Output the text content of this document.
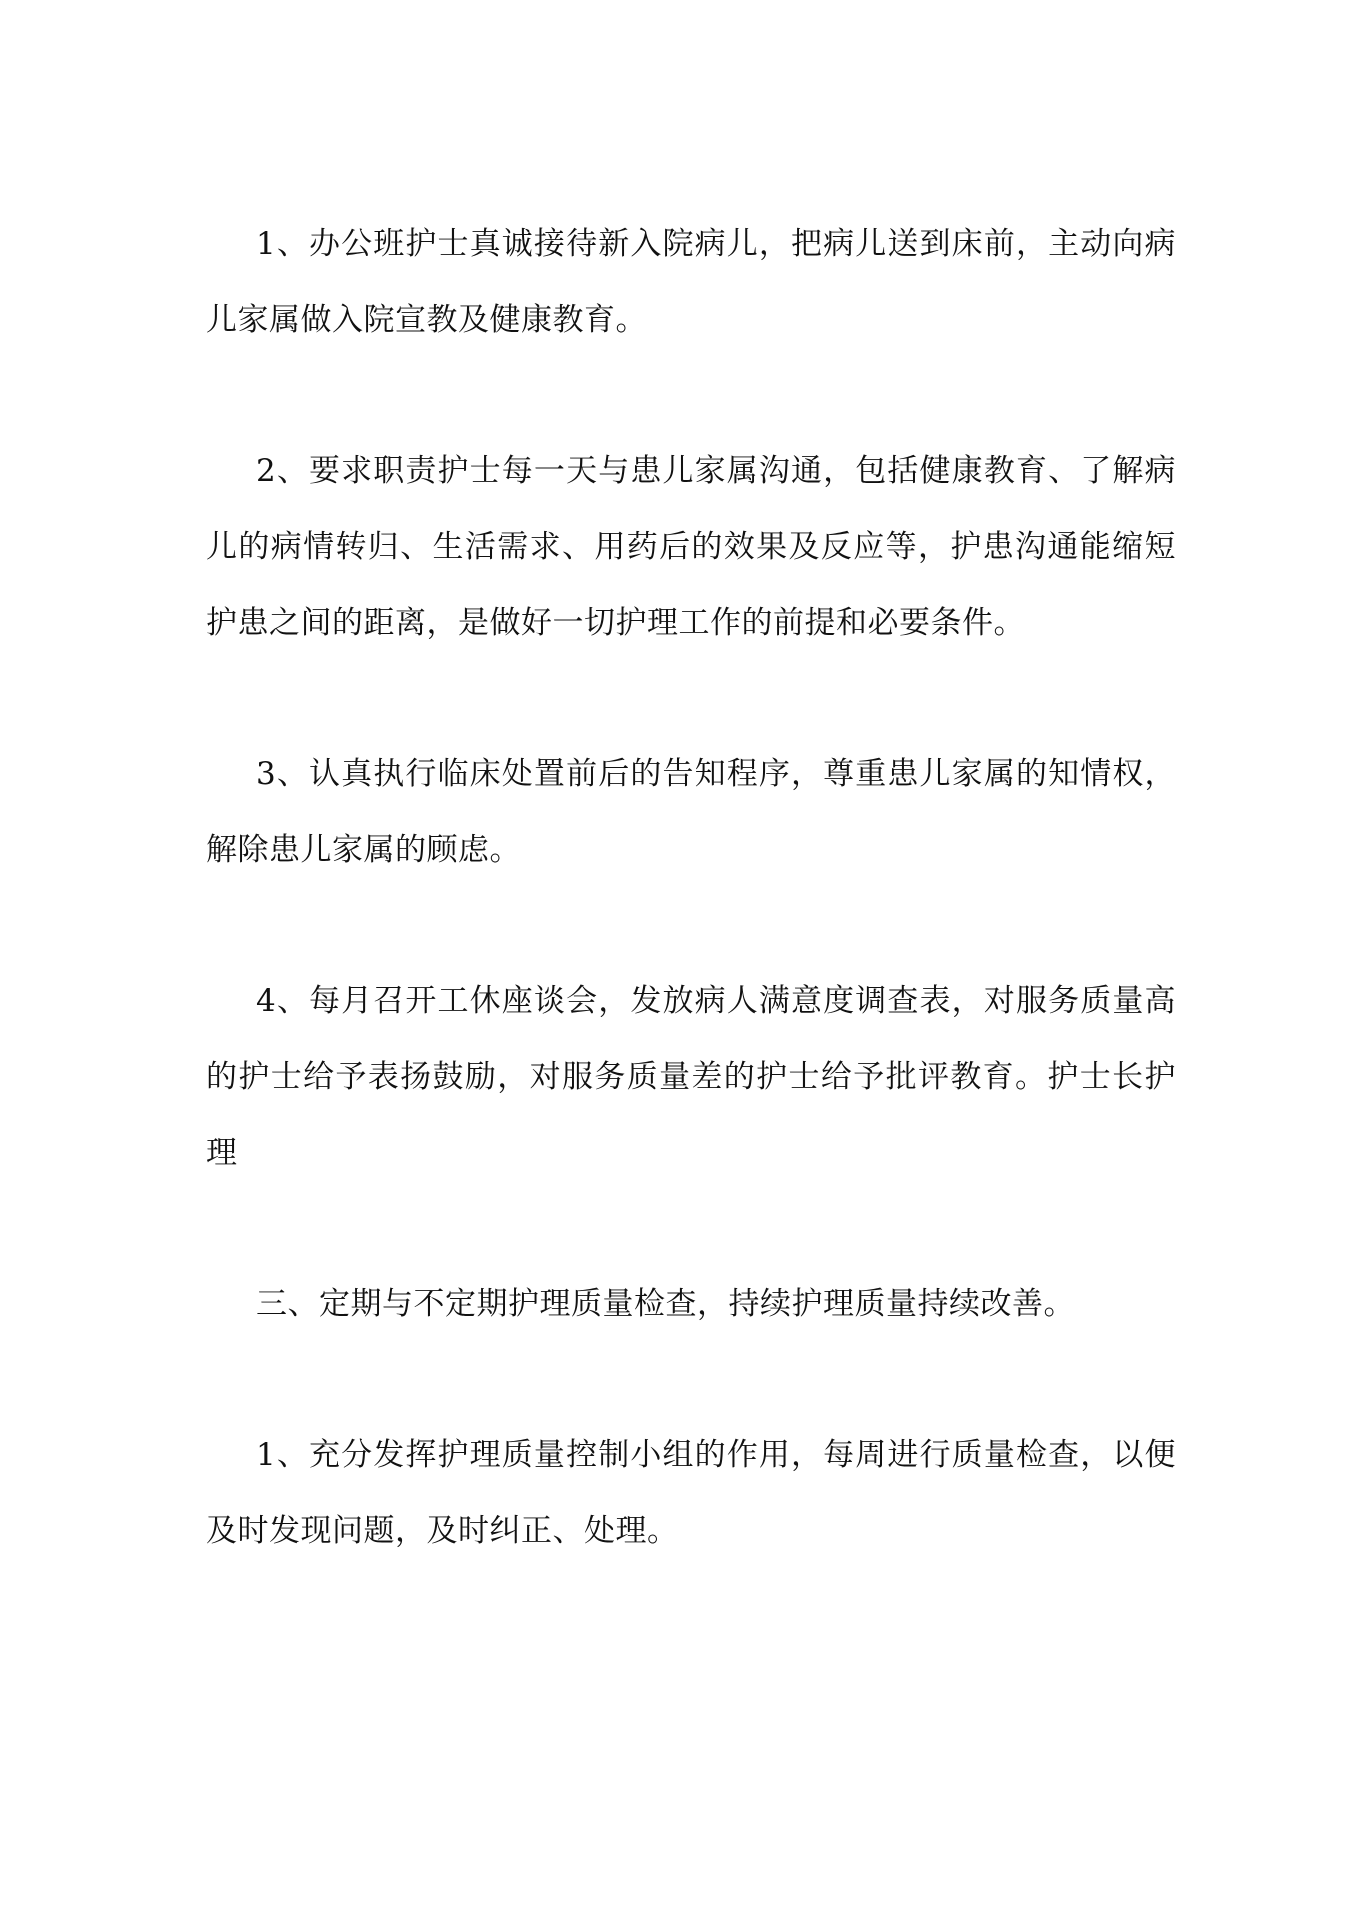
1、办公班护士真诚接待新入院病儿，把病儿送到床前，主动向病儿家属做入院宣教及健康教育。

2、要求职责护士每一天与患儿家属沟通，包括健康教育、了解病儿的病情转归、生活需求、用药后的效果及反应等，护患沟通能缩短护患之间的距离，是做好一切护理工作的前提和必要条件。

3、认真执行临床处置前后的告知程序，尊重患儿家属的知情权，解除患儿家属的顾虑。

4、每月召开工休座谈会，发放病人满意度调查表，对服务质量高的护士给予表扬鼓励，对服务质量差的护士给予批评教育。护士长护理

三、定期与不定期护理质量检查，持续护理质量持续改善。

1、充分发挥护理质量控制小组的作用，每周进行质量检查，以便及时发现问题，及时纠正、处理。
